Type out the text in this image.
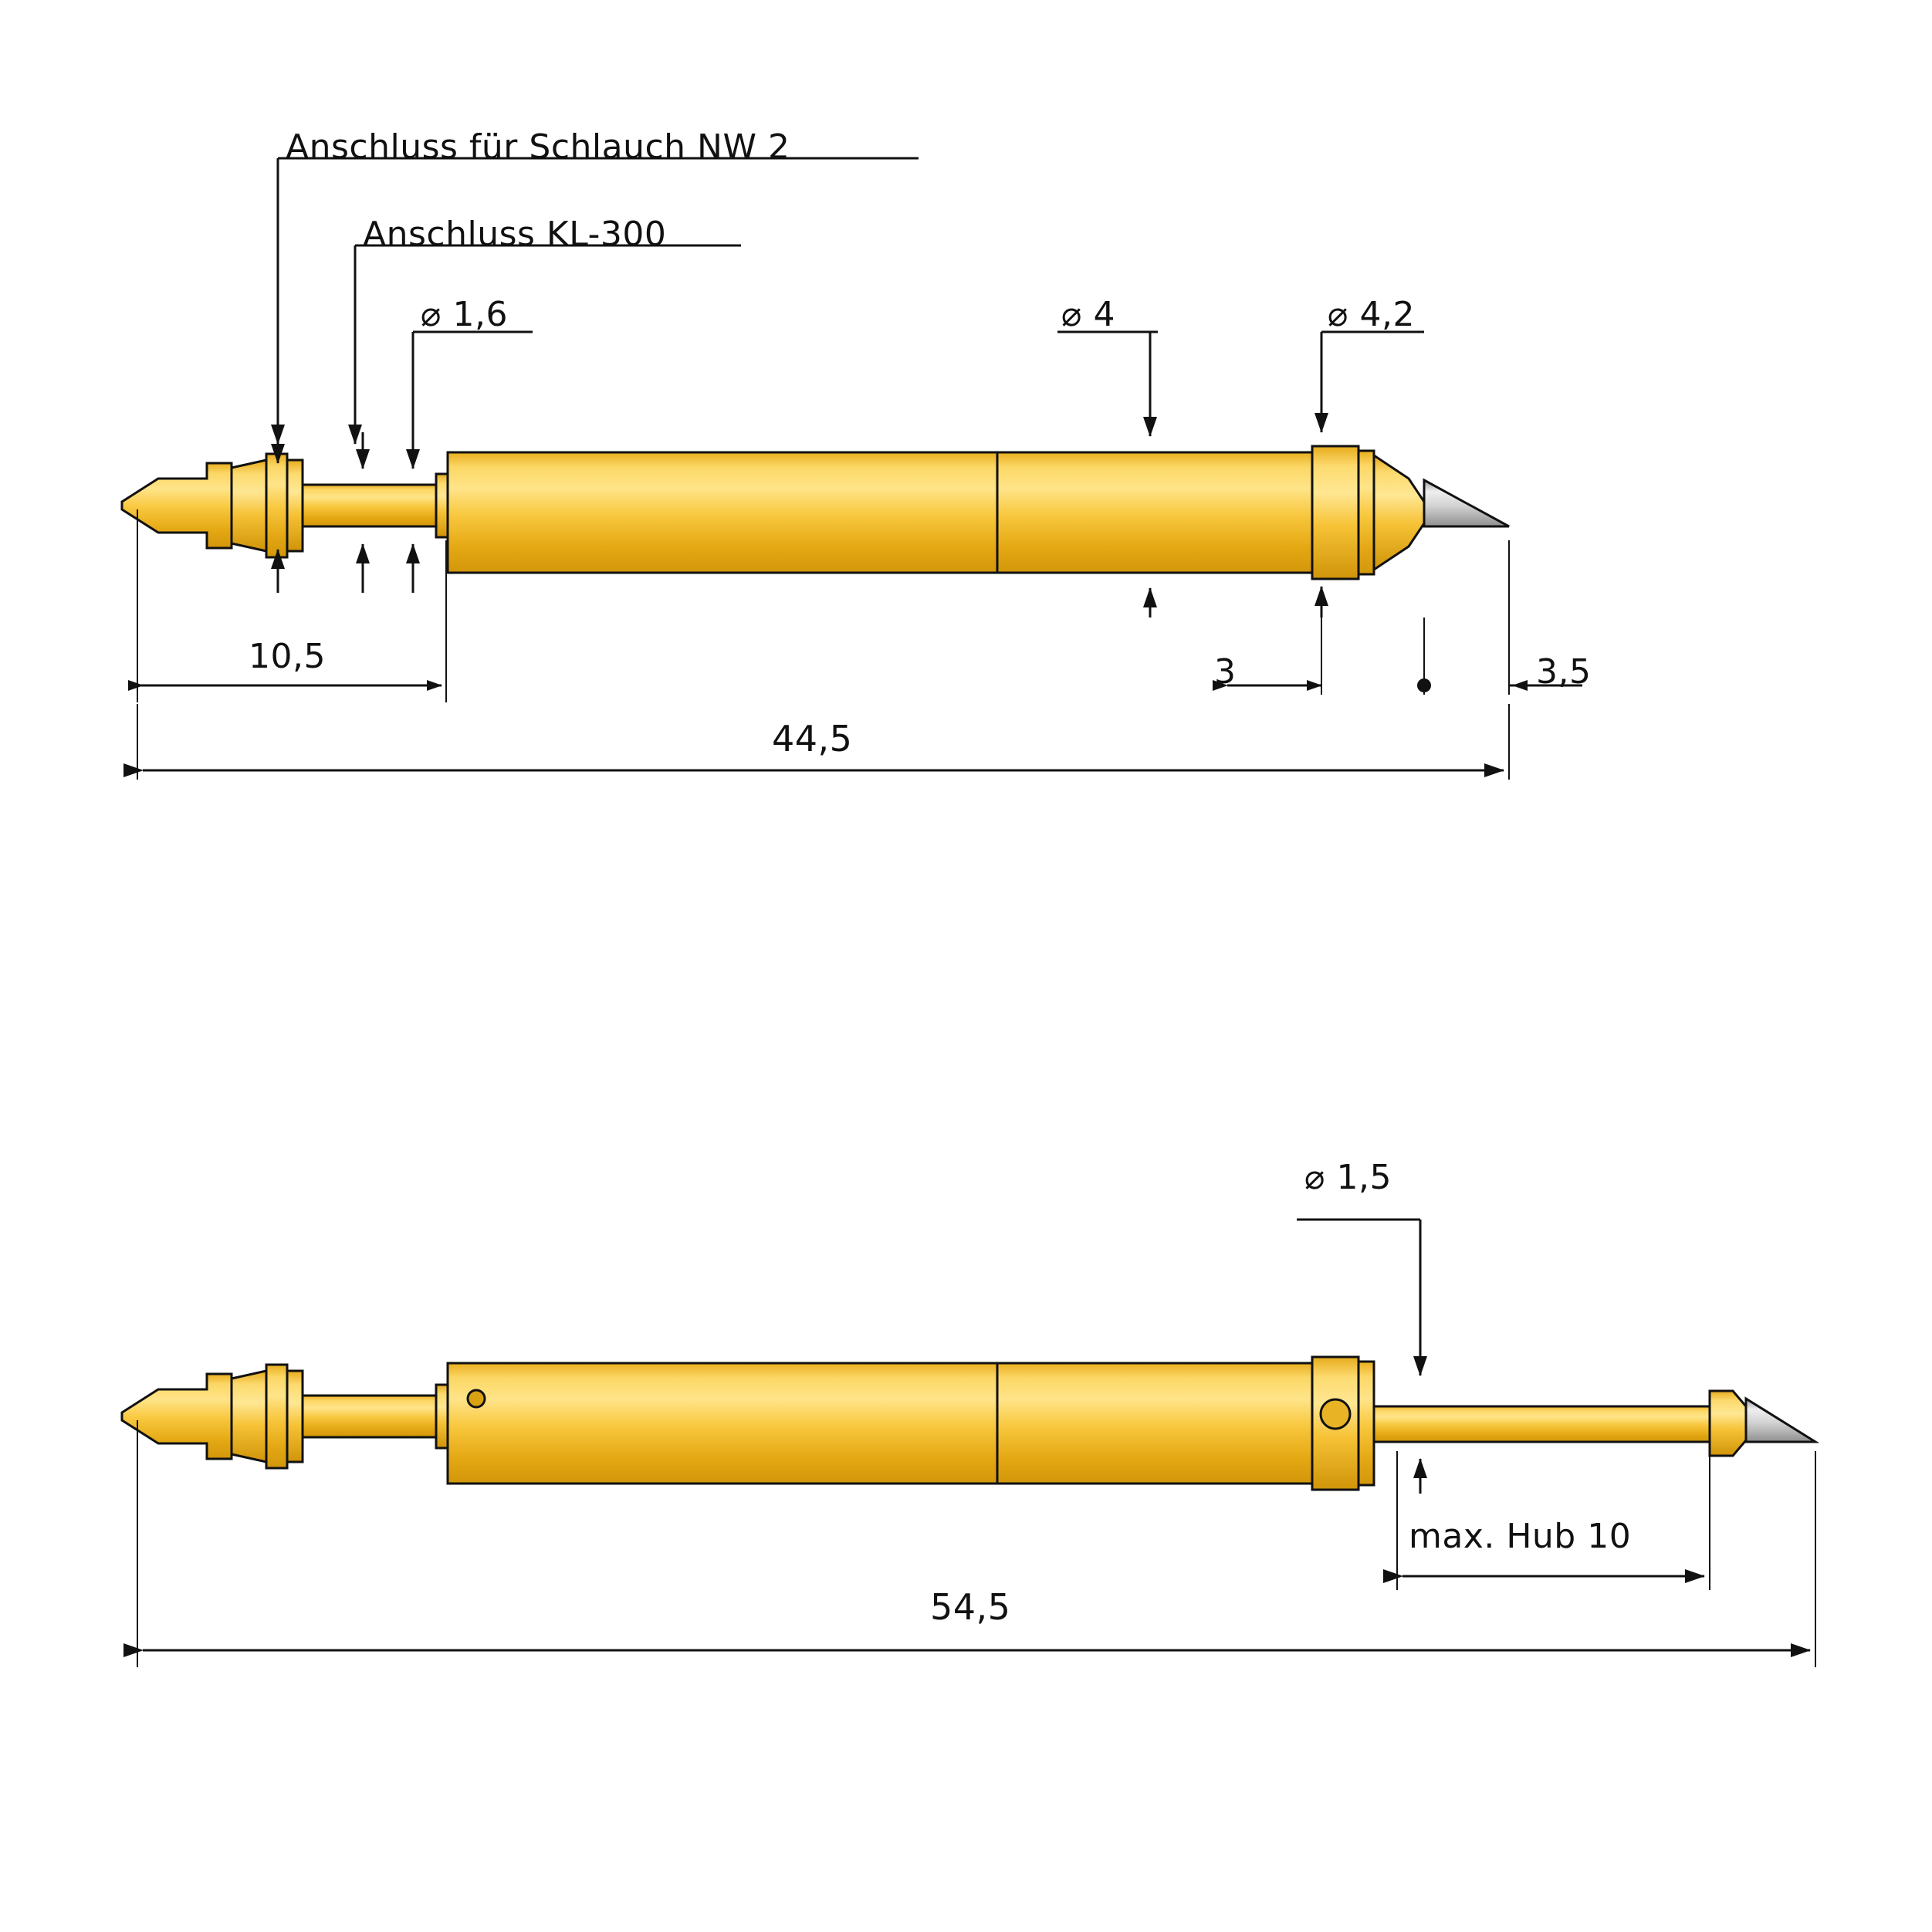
Anschluss für Schlauch NW 2
Anschluss KL-300
⌀ 1,6	⌀ 4	⌀ 4,2
10,5	3	3,5
44,5
⌀ 1,5
max. Hub 10
54,5
